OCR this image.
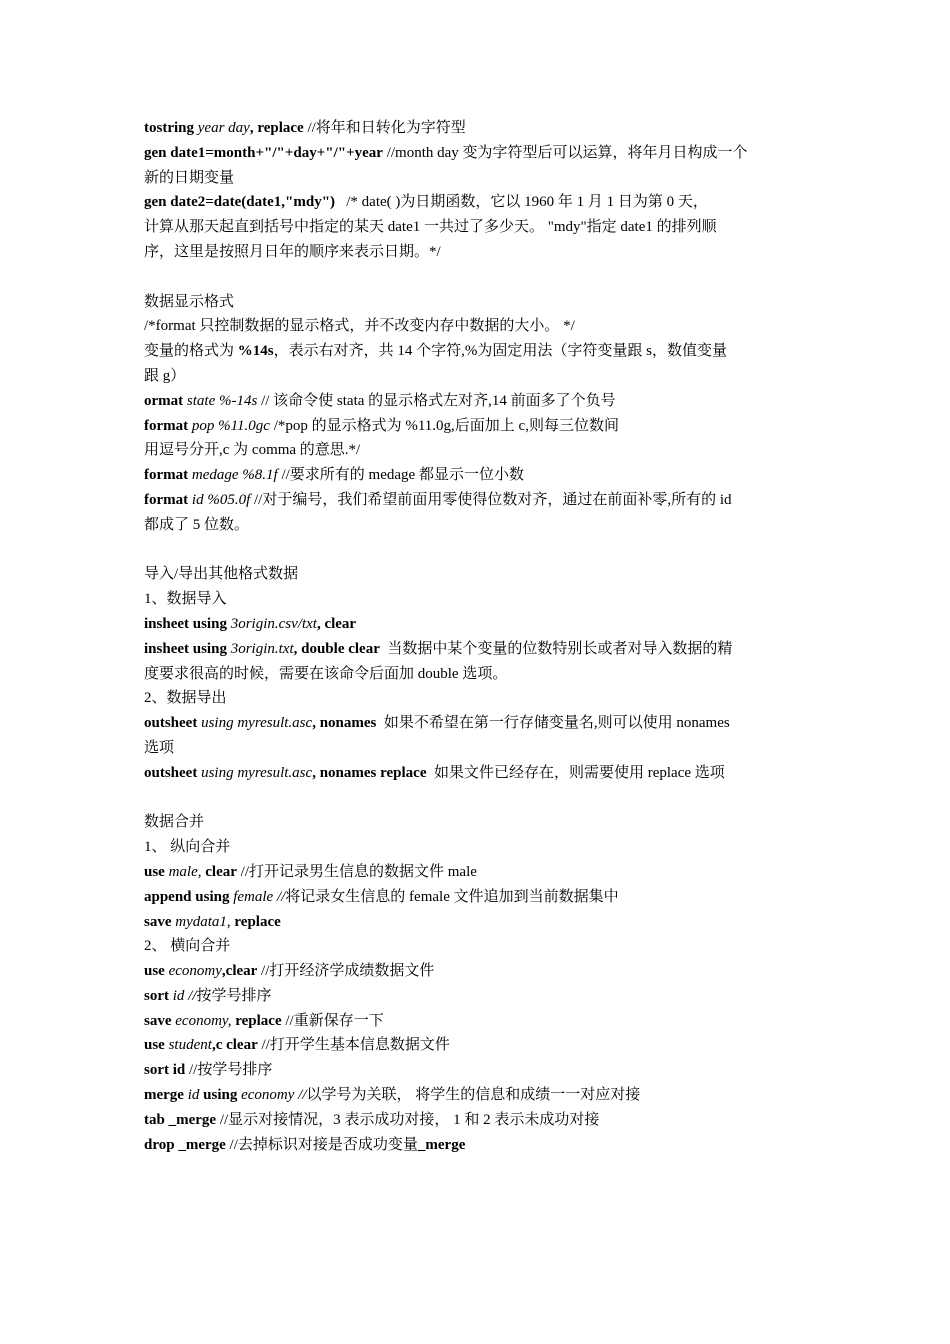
tostring year day, replace //将年和日转化为字符型
gen date1=month+"/"+day+"/"+year //month day 变为字符型后可以运算，将年月日构成一个
新的日期变量
gen date2=date(date1,"mdy")   /* date( )为日期函数，它以 1960 年 1 月 1 日为第 0 天，
计算从那天起直到括号中指定的某天 date1 一共过了多少天。 "mdy"指定 date1 的排列顺
序，这里是按照月日年的顺序来表示日期。*/
数据显示格式
/*format 只控制数据的显示格式，并不改变内存中数据的大小。 */
变量的格式为 %14s，表示右对齐，共 14 个字符,%为固定用法（字符变量跟 s，数值变量
跟 g）
ormat state %-14s // 该命令使 stata 的显示格式左对齐,14 前面多了个负号
format pop %11.0gc /*pop 的显示格式为 %11.0g,后面加上 c,则每三位数间
用逗号分开,c 为 comma 的意思.*/
format medage %8.1f //要求所有的 medage 都显示一位小数
format id %05.0f //对于编号，我们希望前面用零使得位数对齐，通过在前面补零,所有的 id
都成了 5 位数。
导入/导出其他格式数据
1、数据导入
insheet using 3origin.csv/txt, clear
insheet using 3origin.txt, double clear  当数据中某个变量的位数特别长或者对导入数据的精
度要求很高的时候，需要在该命令后面加 double 选项。
2、数据导出
outsheet using myresult.asc, nonames  如果不希望在第一行存储变量名,则可以使用 nonames
选项
outsheet using myresult.asc, nonames replace  如果文件已经存在，则需要使用 replace 选项
数据合并
1、 纵向合并
use male, clear //打开记录男生信息的数据文件 male
append using female //将记录女生信息的 female 文件追加到当前数据集中
save mydata1, replace
2、 横向合并
use economy,clear //打开经济学成绩数据文件
sort id //按学号排序
save economy, replace //重新保存一下
use student,c clear //打开学生基本信息数据文件
sort id //按学号排序
merge id using economy //以学号为关联， 将学生的信息和成绩一一对应对接
tab _merge //显示对接情况，3 表示成功对接， 1 和 2 表示未成功对接
drop _merge //去掉标识对接是否成功变量_merge
